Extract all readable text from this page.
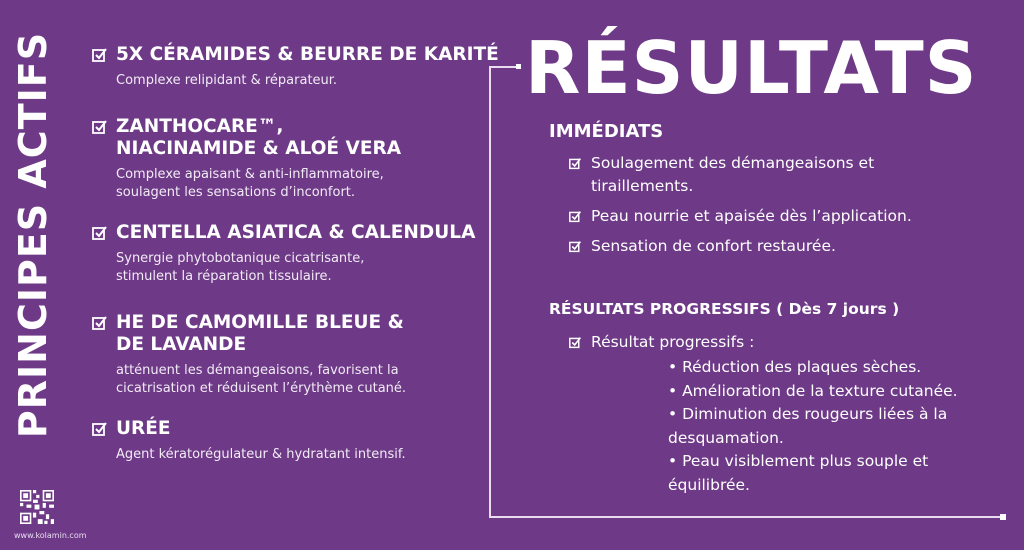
PRINCIPES ACTIFS
www.kolamin.com
5X CÉRAMIDES & BEURRE DE KARITÉ

Complexe relipidant & réparateur.

ZANTHOCARE™,
NIACINAMIDE & ALOÉ VERA

Complexe apaisant & anti-inflammatoire,
soulagent les sensations d’inconfort.

CENTELLA ASIATICA & CALENDULA

Synergie phytobotanique cicatrisante,
stimulent la réparation tissulaire.

HE DE CAMOMILLE BLEUE &
DE LAVANDE

atténuent les démangeaisons, favorisent la
cicatrisation et réduisent l’érythème cutané.

URÉE

Agent kératorégulateur & hydratant intensif.

RÉSULTATS
IMMÉDIATS
Soulagement des démangeaisons et
tiraillements.
Peau nourrie et apaisée dès l’application.
Sensation de confort restaurée.
RÉSULTATS PROGRESSIFS ( Dès 7 jours )
Résultat progressifs :
• Réduction des plaques sèches.
• Amélioration de la texture cutanée.
• Diminution des rougeurs liées à la desquamation.
• Peau visiblement plus souple et équilibrée.
